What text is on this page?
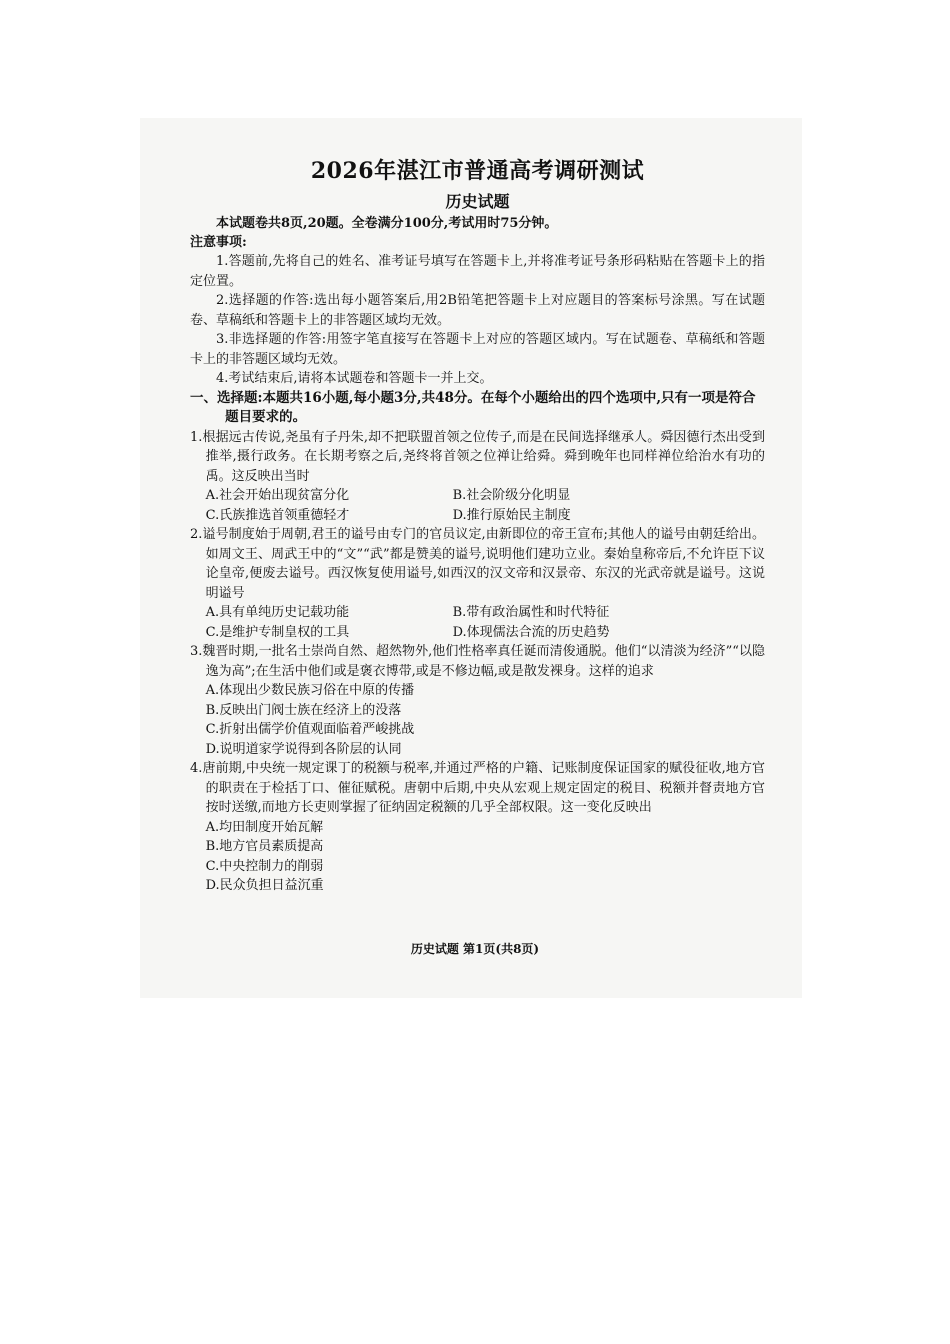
2026年湛江市普通高考调研测试
历史试题
本试题卷共8页,20题。全卷满分100分,考试用时75分钟。
注意事项:
1.答题前,先将自己的姓名、准考证号填写在答题卡上,并将准考证号条形码粘贴在答题卡上的指定位置。
2.选择题的作答:选出每小题答案后,用2B铅笔把答题卡上对应题目的答案标号涂黑。写在试题卷、草稿纸和答题卡上的非答题区域均无效。
3.非选择题的作答:用签字笔直接写在答题卡上对应的答题区域内。写在试题卷、草稿纸和答题卡上的非答题区域均无效。
4.考试结束后,请将本试题卷和答题卡一并上交。
一、选择题:本题共16小题,每小题3分,共48分。在每个小题给出的四个选项中,只有一项是符合题目要求的。
1.根据远古传说,尧虽有子丹朱,却不把联盟首领之位传子,而是在民间选择继承人。舜因德行杰出受到推举,摄行政务。在长期考察之后,尧终将首领之位禅让给舜。舜到晚年也同样禅位给治水有功的禹。这反映出当时
A.社会开始出现贫富分化	B.社会阶级分化明显
C.氏族推选首领重德轻才	D.推行原始民主制度
2.谥号制度始于周朝,君王的谥号由专门的官员议定,由新即位的帝王宣布;其他人的谥号由朝廷给出。如周文王、周武王中的“文”“武”都是赞美的谥号,说明他们建功立业。秦始皇称帝后,不允许臣下议论皇帝,便废去谥号。西汉恢复使用谥号,如西汉的汉文帝和汉景帝、东汉的光武帝就是谥号。这说明谥号
A.具有单纯历史记载功能	B.带有政治属性和时代特征
C.是维护专制皇权的工具	D.体现儒法合流的历史趋势
3.魏晋时期,一批名士崇尚自然、超然物外,他们性格率真任诞而清俊通脱。他们“以清淡为经济”“以隐逸为高”;在生活中他们或是褒衣博带,或是不修边幅,或是散发裸身。这样的追求
A.体现出少数民族习俗在中原的传播
B.反映出门阀士族在经济上的没落
C.折射出儒学价值观面临着严峻挑战
D.说明道家学说得到各阶层的认同
4.唐前期,中央统一规定课丁的税额与税率,并通过严格的户籍、记账制度保证国家的赋役征收,地方官的职责在于检括丁口、催征赋税。唐朝中后期,中央从宏观上规定固定的税目、税额并督责地方官按时送缴,而地方长吏则掌握了征纳固定税额的几乎全部权限。这一变化反映出
A.均田制度开始瓦解
B.地方官员素质提高
C.中央控制力的削弱
D.民众负担日益沉重
历史试题 第1页(共8页)
